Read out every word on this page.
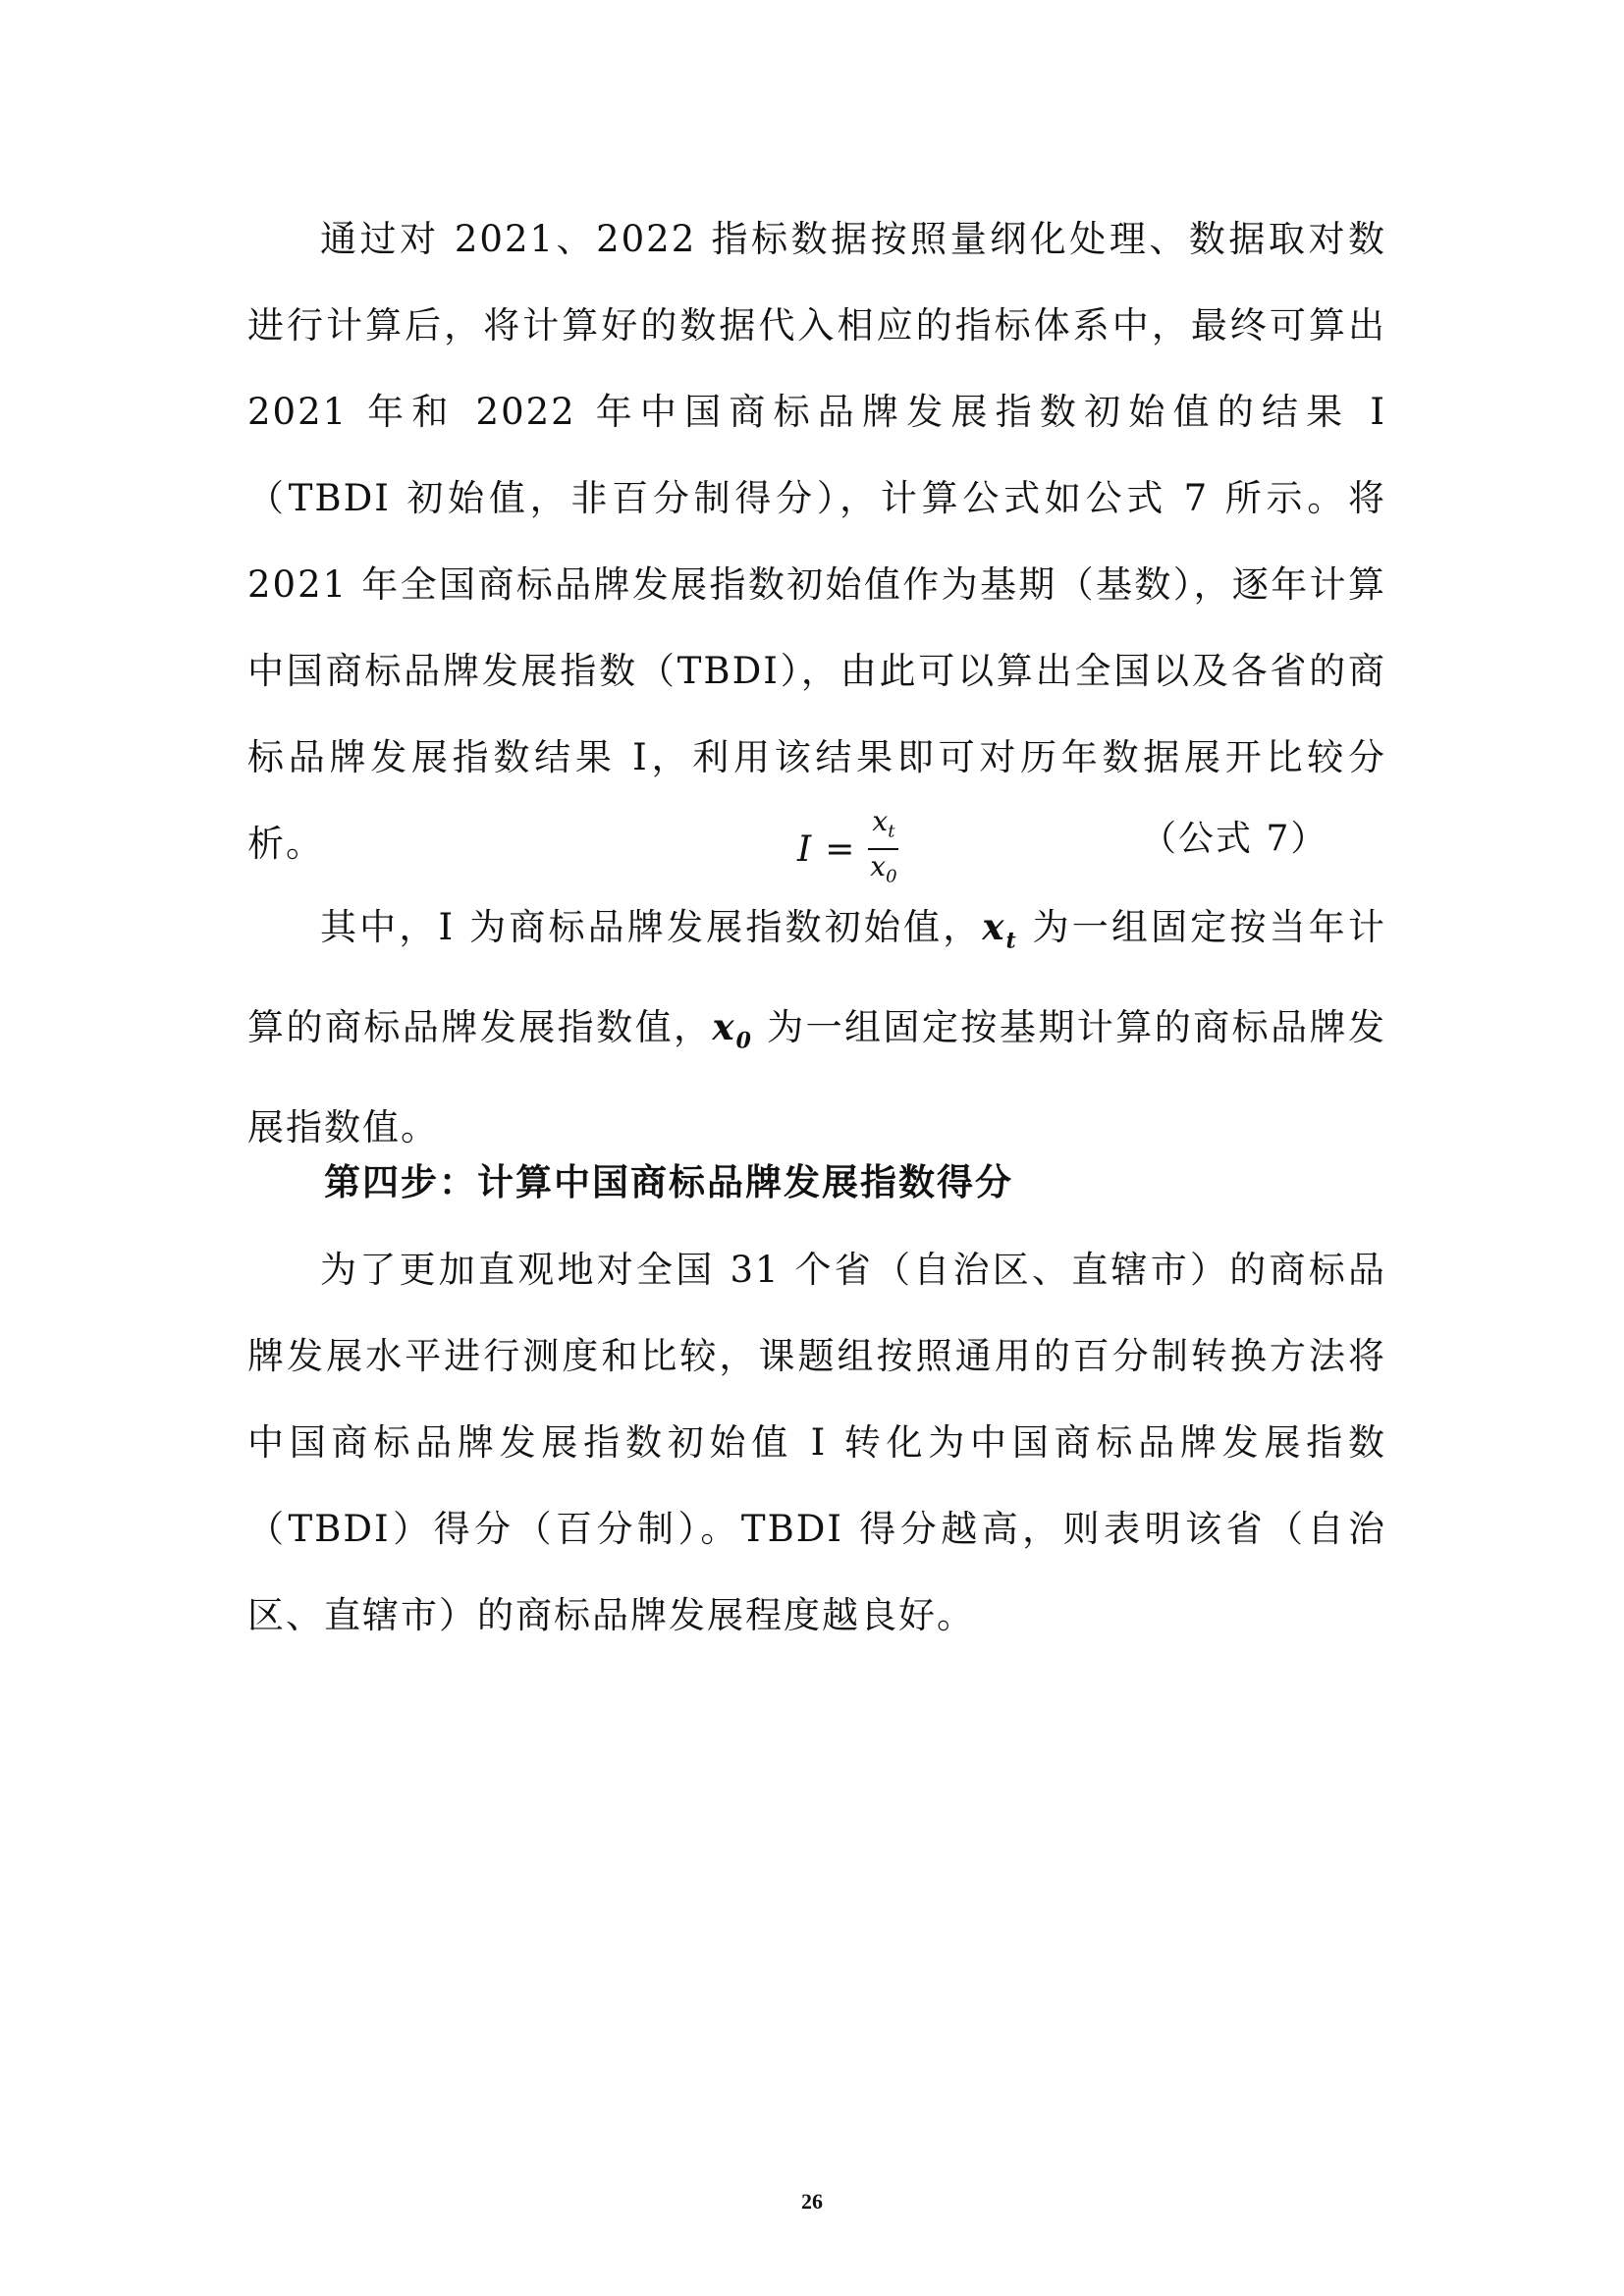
通过对 2021、2022 指标数据按照量纲化处理、数据取对数进行计算后，将计算好的数据代入相应的指标体系中，最终可算出 2021 年和 2022 年中国商标品牌发展指数初始值的结果 I（TBDI 初始值，非百分制得分），计算公式如公式 7 所示。将 2021 年全国商标品牌发展指数初始值作为基期（基数），逐年计算中国商标品牌发展指数（TBDI），由此可以算出全国以及各省的商标品牌发展指数结果 I，利用该结果即可对历年数据展开比较分析。	$I = \frac{x_t}{x_0}$	（公式 7）

其中，I 为商标品牌发展指数初始值，$x_t$ 为一组固定按当年计算的商标品牌发展指数值，$x_0$ 为一组固定按基期计算的商标品牌发展指数值。

第四步：计算中国商标品牌发展指数得分

为了更加直观地对全国 31 个省（自治区、直辖市）的商标品牌发展水平进行测度和比较，课题组按照通用的百分制转换方法将中国商标品牌发展指数初始值 I 转化为中国商标品牌发展指数（TBDI）得分（百分制）。TBDI 得分越高，则表明该省（自治区、直辖市）的商标品牌发展程度越良好。

26
